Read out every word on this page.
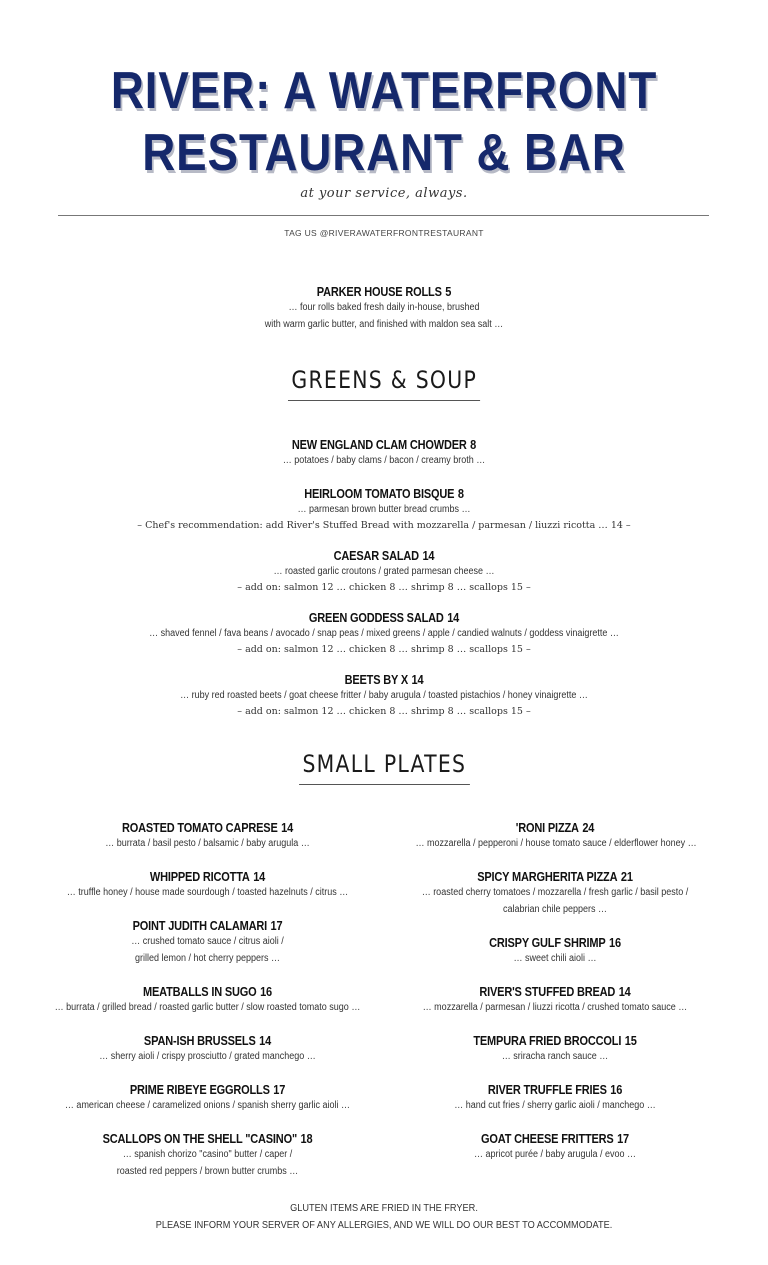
RIVER: A WATERFRONT
RESTAURANT & BAR
at your service, always.
TAG US @RIVERAWATERFRONTRESTAURANT
PARKER HOUSE ROLLS 5
… four rolls baked fresh daily in-house, brushed
with warm garlic butter, and finished with maldon sea salt …
GREENS & SOUP
NEW ENGLAND CLAM CHOWDER 8
… potatoes / baby clams / bacon / creamy broth …
HEIRLOOM TOMATO BISQUE 8
… parmesan brown butter bread crumbs …
– Chef's recommendation: add River's Stuffed Bread with mozzarella / parmesan / liuzzi ricotta … 14 –
CAESAR SALAD 14
… roasted garlic croutons / grated parmesan cheese …
– add on: salmon 12 … chicken 8 … shrimp 8 … scallops 15 –
GREEN GODDESS SALAD 14
… shaved fennel / fava beans / avocado / snap peas / mixed greens / apple / candied walnuts / goddess vinaigrette …
– add on: salmon 12 … chicken 8 … shrimp 8 … scallops 15 –
BEETS BY X 14
… ruby red roasted beets / goat cheese fritter / baby arugula / toasted pistachios / honey vinaigrette …
– add on: salmon 12 … chicken 8 … shrimp 8 … scallops 15 –
SMALL PLATES
ROASTED TOMATO CAPRESE 14
… burrata / basil pesto / balsamic / baby arugula …
WHIPPED RICOTTA 14
… truffle honey / house made sourdough / toasted hazelnuts / citrus …
POINT JUDITH CALAMARI 17
… crushed tomato sauce / citrus aioli /
grilled lemon / hot cherry peppers …
MEATBALLS IN SUGO 16
… burrata / grilled bread / roasted garlic butter / slow roasted tomato sugo …
SPAN-ISH BRUSSELS 14
… sherry aioli / crispy prosciutto / grated manchego …
PRIME RIBEYE EGGROLLS 17
… american cheese / caramelized onions / spanish sherry garlic aioli …
SCALLOPS ON THE SHELL "CASINO" 18
… spanish chorizo "casino" butter / caper /
roasted red peppers / brown butter crumbs …
'RONI PIZZA 24
… mozzarella / pepperoni / house tomato sauce / elderflower honey …
SPICY MARGHERITA PIZZA 21
… roasted cherry tomatoes / mozzarella / fresh garlic / basil pesto /
calabrian chile peppers …
CRISPY GULF SHRIMP 16
… sweet chili aioli …
RIVER'S STUFFED BREAD 14
… mozzarella / parmesan / liuzzi ricotta / crushed tomato sauce …
TEMPURA FRIED BROCCOLI 15
… sriracha ranch sauce …
RIVER TRUFFLE FRIES 16
… hand cut fries / sherry garlic aioli / manchego …
GOAT CHEESE FRITTERS 17
… apricot purée / baby arugula / evoo …
GLUTEN ITEMS ARE FRIED IN THE FRYER.
PLEASE INFORM YOUR SERVER OF ANY ALLERGIES, AND WE WILL DO OUR BEST TO ACCOMMODATE.
